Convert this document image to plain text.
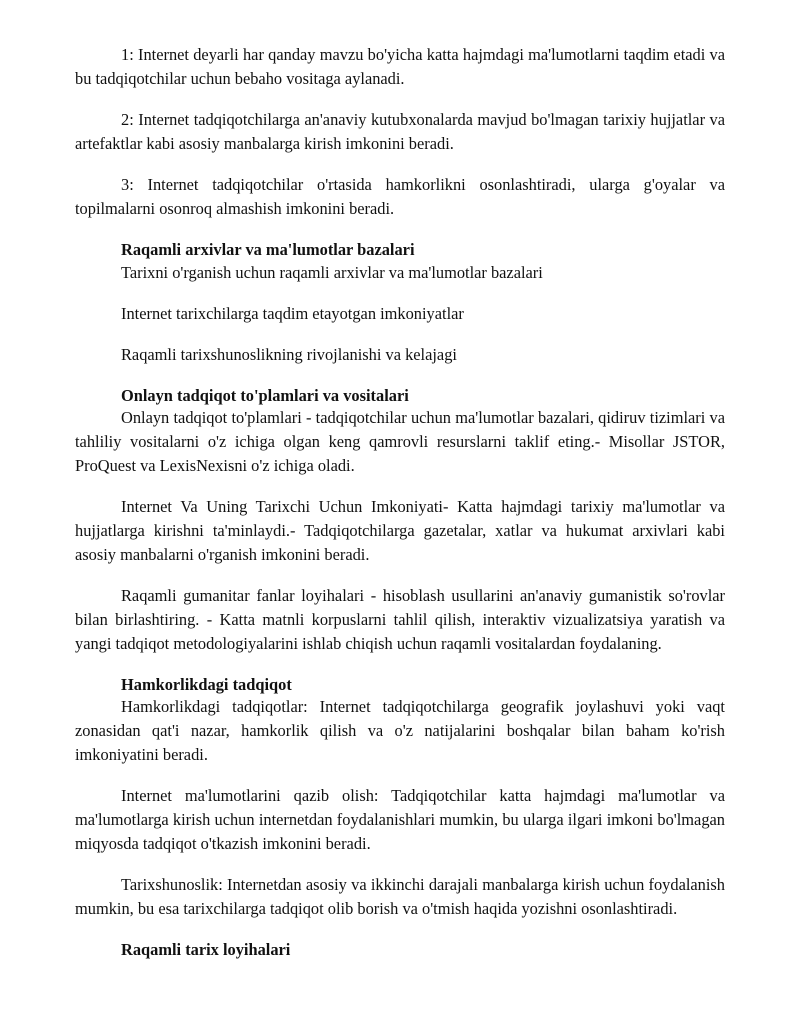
1: Internet deyarli har qanday mavzu bo'yicha katta hajmdagi ma'lumotlarni taqdim etadi va bu tadqiqotchilar uchun bebaho vositaga aylanadi.

2: Internet tadqiqotchilarga an'anaviy kutubxonalarda mavjud bo'lmagan tarixiy hujjatlar va artefaktlar kabi asosiy manbalarga kirish imkonini beradi.

3: Internet tadqiqotchilar o'rtasida hamkorlikni osonlashtiradi, ularga g'oyalar va topilmalarni osonroq almashish imkonini beradi.

Raqamli arxivlar va ma'lumotlar bazalari

Tarixni o'rganish uchun raqamli arxivlar va ma'lumotlar bazalari

Internet tarixchilarga taqdim etayotgan imkoniyatlar

Raqamli tarixshunoslikning rivojlanishi va kelajagi

Onlayn tadqiqot to'plamlari va vositalari

Onlayn tadqiqot to'plamlari - tadqiqotchilar uchun ma'lumotlar bazalari, qidiruv tizimlari va tahliliy vositalarni o'z ichiga olgan keng qamrovli resurslarni taklif eting.- Misollar JSTOR, ProQuest va LexisNexisni o'z ichiga oladi.

Internet Va Uning Tarixchi Uchun Imkoniyati- Katta hajmdagi tarixiy ma'lumotlar va hujjatlarga kirishni ta'minlaydi.- Tadqiqotchilarga gazetalar, xatlar va hukumat arxivlari kabi asosiy manbalarni o'rganish imkonini beradi.

Raqamli gumanitar fanlar loyihalari - hisoblash usullarini an'anaviy gumanistik so'rovlar bilan birlashtiring. - Katta matnli korpuslarni tahlil qilish, interaktiv vizualizatsiya yaratish va yangi tadqiqot metodologiyalarini ishlab chiqish uchun raqamli vositalardan foydalaning.

Hamkorlikdagi tadqiqot

Hamkorlikdagi tadqiqotlar: Internet tadqiqotchilarga geografik joylashuvi yoki vaqt zonasidan qat'i nazar, hamkorlik qilish va o'z natijalarini boshqalar bilan baham ko'rish imkoniyatini beradi.

Internet ma'lumotlarini qazib olish: Tadqiqotchilar katta hajmdagi ma'lumotlar va ma'lumotlarga kirish uchun internetdan foydalanishlari mumkin, bu ularga ilgari imkoni bo'lmagan miqyosda tadqiqot o'tkazish imkonini beradi.

Tarixshunoslik: Internetdan asosiy va ikkinchi darajali manbalarga kirish uchun foydalanish mumkin, bu esa tarixchilarga tadqiqot olib borish va o'tmish haqida yozishni osonlashtiradi.

Raqamli tarix loyihalari
